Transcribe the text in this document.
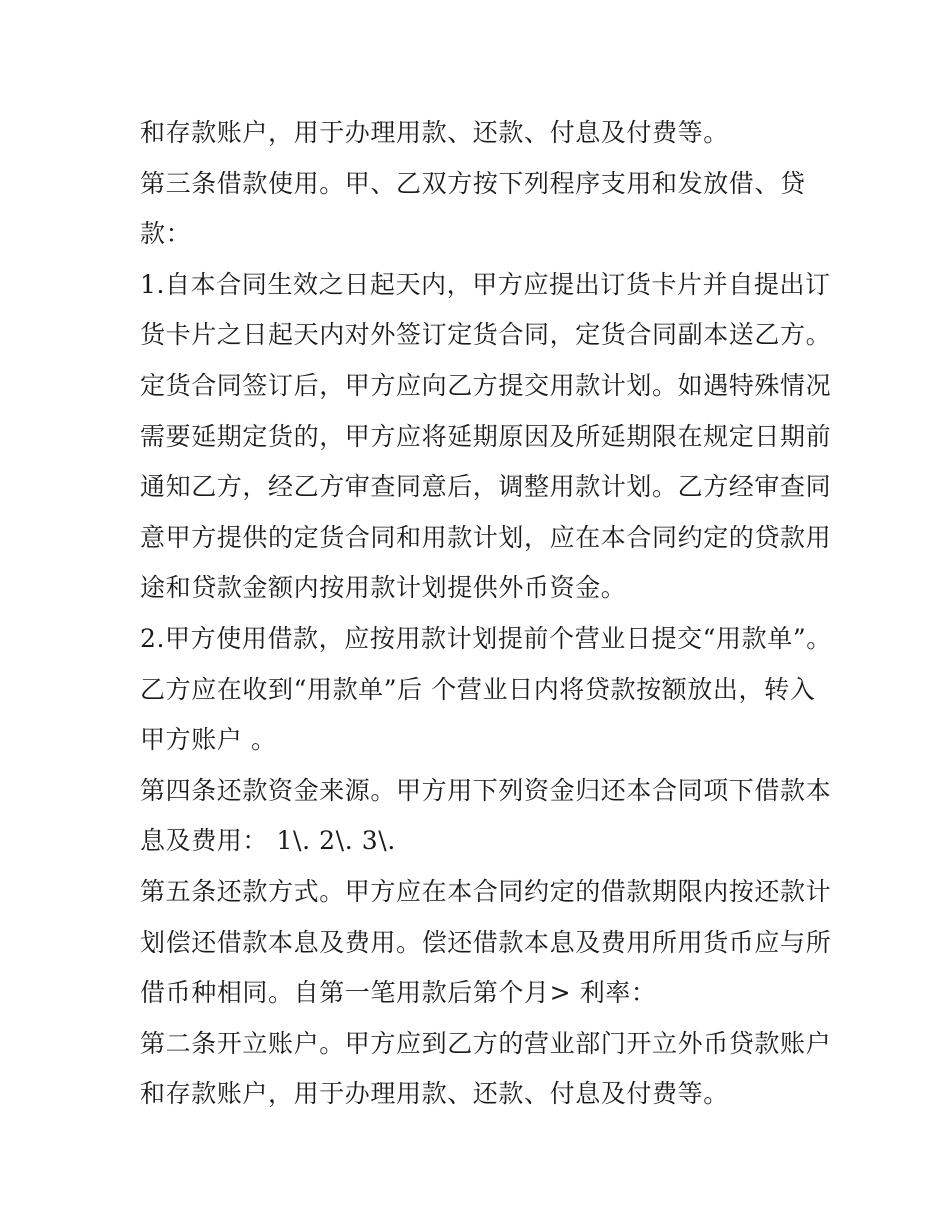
和存款账户，用于办理用款、还款、付息及付费等。
第三条借款使用。甲、乙双方按下列程序支用和发放借、贷
款：
1.自本合同生效之日起天内，甲方应提出订货卡片并自提出订
货卡片之日起天内对外签订定货合同，定货合同副本送乙方。
定货合同签订后，甲方应向乙方提交用款计划。如遇特殊情况
需要延期定货的，甲方应将延期原因及所延期限在规定日期前
通知乙方，经乙方审查同意后，调整用款计划。乙方经审查同
意甲方提供的定货合同和用款计划，应在本合同约定的贷款用
途和贷款金额内按用款计划提供外币资金。
2.甲方使用借款，应按用款计划提前个营业日提交“用款单”。
乙方应在收到“用款单”后 个营业日内将贷款按额放出，转入
甲方账户 。
第四条还款资金来源。甲方用下列资金归还本合同项下借款本
息及费用： 1\. 2\. 3\.
第五条还款方式。甲方应在本合同约定的借款期限内按还款计
划偿还借款本息及费用。偿还借款本息及费用所用货币应与所
借币种相同。自第一笔用款后第个月> 利率：
第二条开立账户。甲方应到乙方的营业部门开立外币贷款账户
和存款账户，用于办理用款、还款、付息及付费等。
